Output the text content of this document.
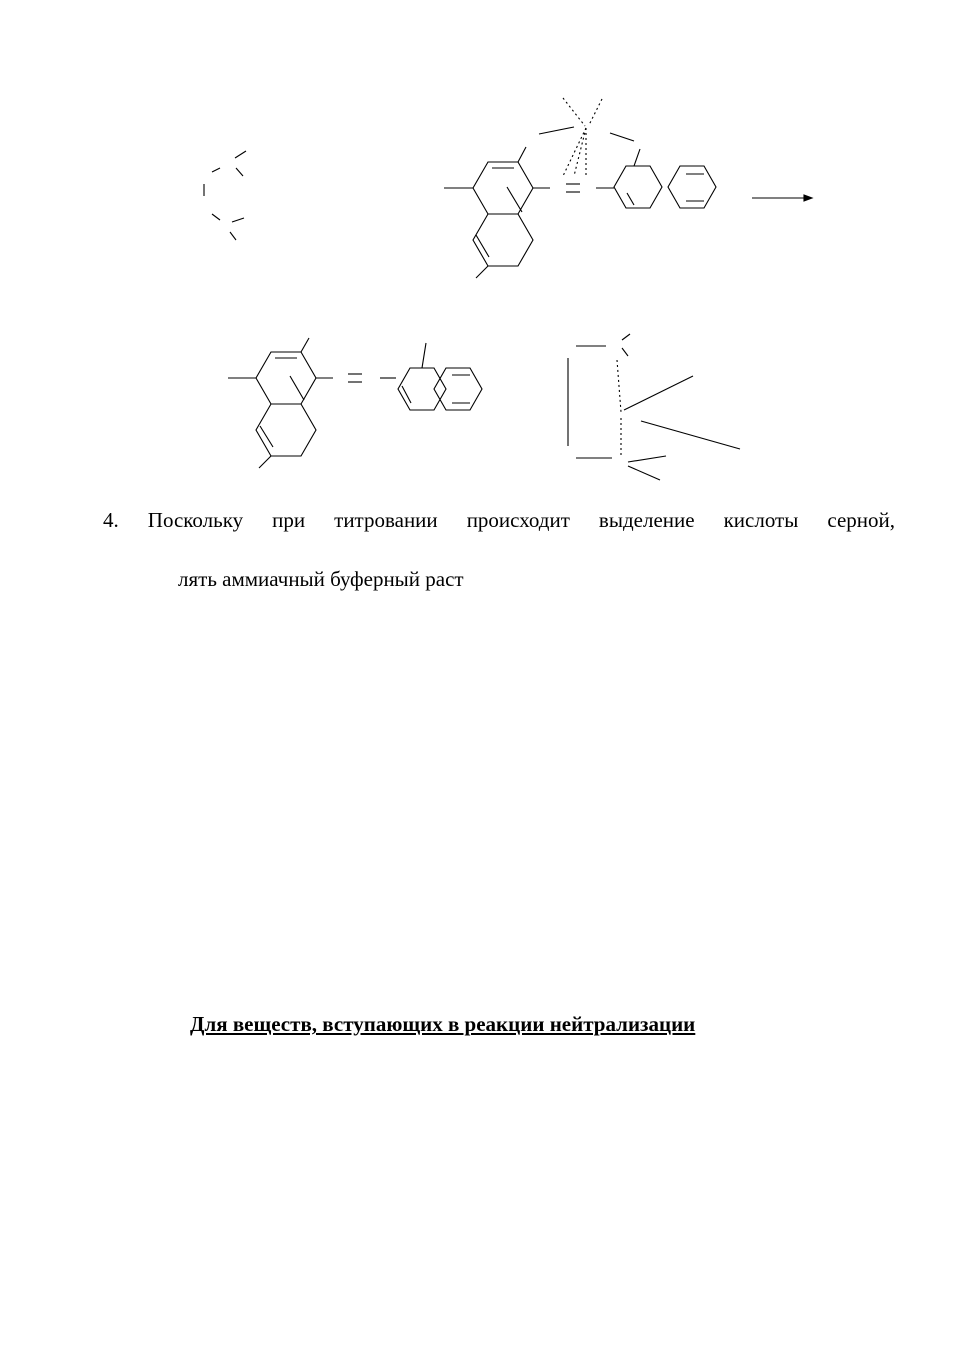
4. Поскольку при титровании происходит выделение кислоты серной,
лять аммиачный буферный раст
Для веществ, вступающих в реакции нейтрализации
